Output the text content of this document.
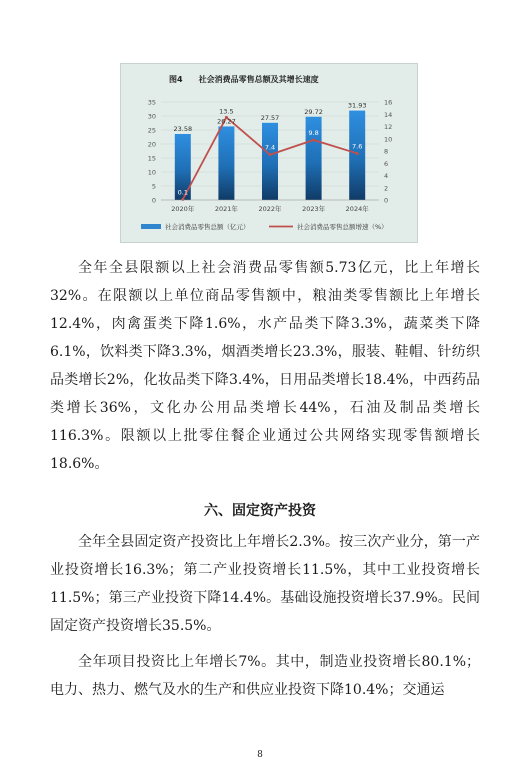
图4　　社会消费品零售总额及其增长速度
0
5
10
15
20
25
30
35
0
2
4
6
8
10
12
14
16
23.58
26.27	27.57
29.72
31.93
0.1
13.5
7.4
9.8
7.6
2020年	2021年	2022年	2023年	2024年
社会消费品零售总额（亿元）	社会消费品零售总额增速（%）

全年全县限额以上社会消费品零售额5.73亿元，比上年增长32%。在限额以上单位商品零售额中，粮油类零售额比上年增长12.4%，肉禽蛋类下降1.6%，水产品类下降3.3%，蔬菜类下降6.1%，饮料类下降3.3%，烟酒类增长23.3%，服装、鞋帽、针纺织品类增长2%，化妆品类下降3.4%，日用品类增长18.4%，中西药品类增长36%，文化办公用品类增长44%，石油及制品类增长116.3%。限额以上批零住餐企业通过公共网络实现零售额增长18.6%。

六、固定资产投资

全年全县固定资产投资比上年增长2.3%。按三次产业分，第一产业投资增长16.3%；第二产业投资增长11.5%，其中工业投资增长11.5%；第三产业投资下降14.4%。基础设施投资增长37.9%。民间固定资产投资增长35.5%。

全年项目投资比上年增长7%。其中，制造业投资增长80.1%；电力、热力、燃气及水的生产和供应业投资下降10.4%；交通运

8
